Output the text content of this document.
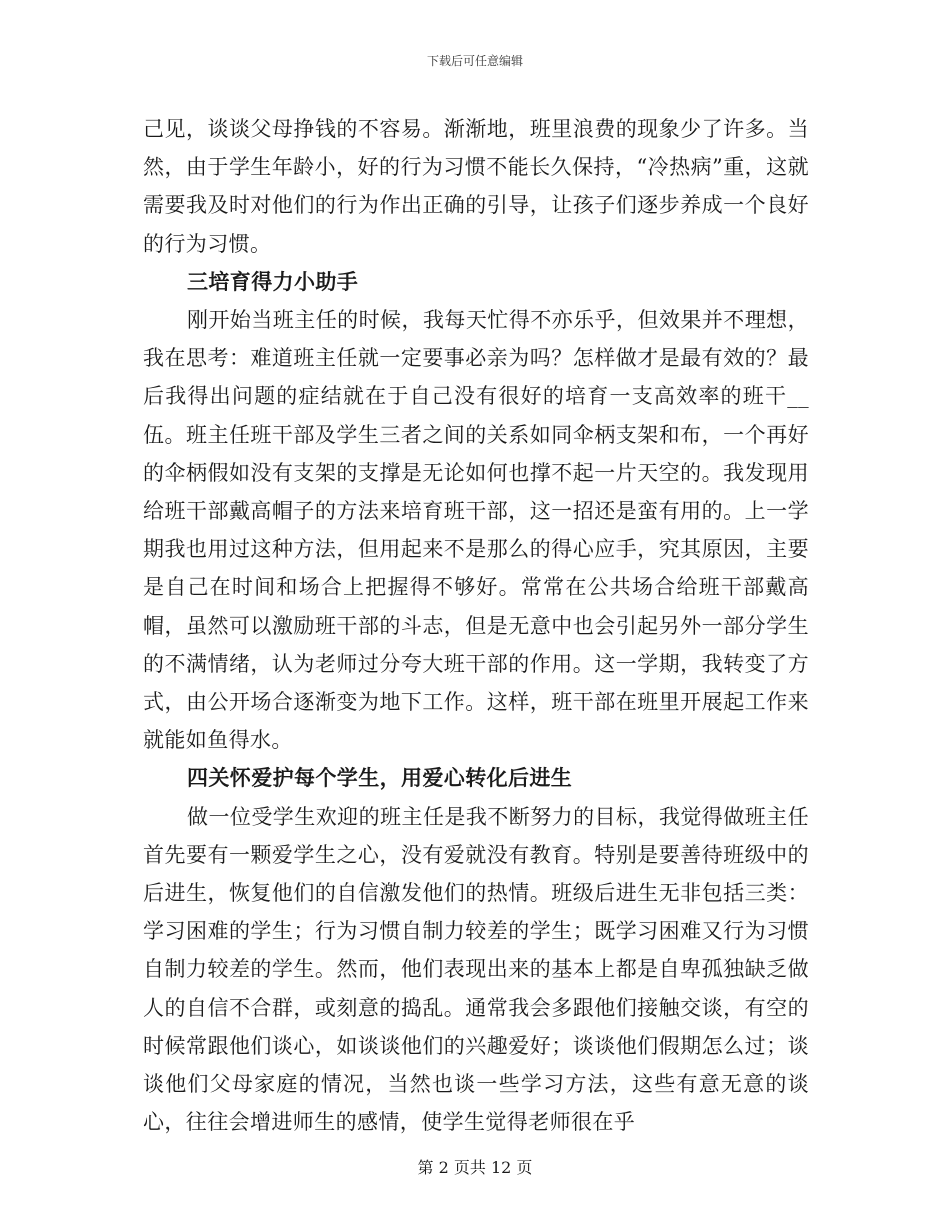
下载后可任意编辑

己见，谈谈父母挣钱的不容易。渐渐地，班里浪费的现象少了许多。当然，由于学生年龄小，好的行为习惯不能长久保持，“冷热病”重，这就需要我及时对他们的行为作出正确的引导，让孩子们逐步养成一个良好的行为习惯。

三培育得力小助手

刚开始当班主任的时候，我每天忙得不亦乐乎，但效果并不理想，我在思考：难道班主任就一定要事必亲为吗？怎样做才是最有效的？最后我得出问题的症结就在于自己没有很好的培育一支高效率的班干__伍。班主任班干部及学生三者之间的关系如同伞柄支架和布，一个再好的伞柄假如没有支架的支撑是无论如何也撑不起一片天空的。我发现用给班干部戴高帽子的方法来培育班干部，这一招还是蛮有用的。上一学期我也用过这种方法，但用起来不是那么的得心应手，究其原因，主要是自己在时间和场合上把握得不够好。常常在公共场合给班干部戴高帽，虽然可以激励班干部的斗志，但是无意中也会引起另外一部分学生的不满情绪，认为老师过分夸大班干部的作用。这一学期，我转变了方式，由公开场合逐渐变为地下工作。这样，班干部在班里开展起工作来就能如鱼得水。

四关怀爱护每个学生，用爱心转化后进生

做一位受学生欢迎的班主任是我不断努力的目标，我觉得做班主任首先要有一颗爱学生之心，没有爱就没有教育。特别是要善待班级中的后进生，恢复他们的自信激发他们的热情。班级后进生无非包括三类：学习困难的学生；行为习惯自制力较差的学生；既学习困难又行为习惯自制力较差的学生。然而，他们表现出来的基本上都是自卑孤独缺乏做人的自信不合群，或刻意的捣乱。通常我会多跟他们接触交谈，有空的时候常跟他们谈心，如谈谈他们的兴趣爱好；谈谈他们假期怎么过；谈谈他们父母家庭的情况，当然也谈一些学习方法，这些有意无意的谈心，往往会增进师生的感情，使学生觉得老师很在乎

第 2 页共 12 页
